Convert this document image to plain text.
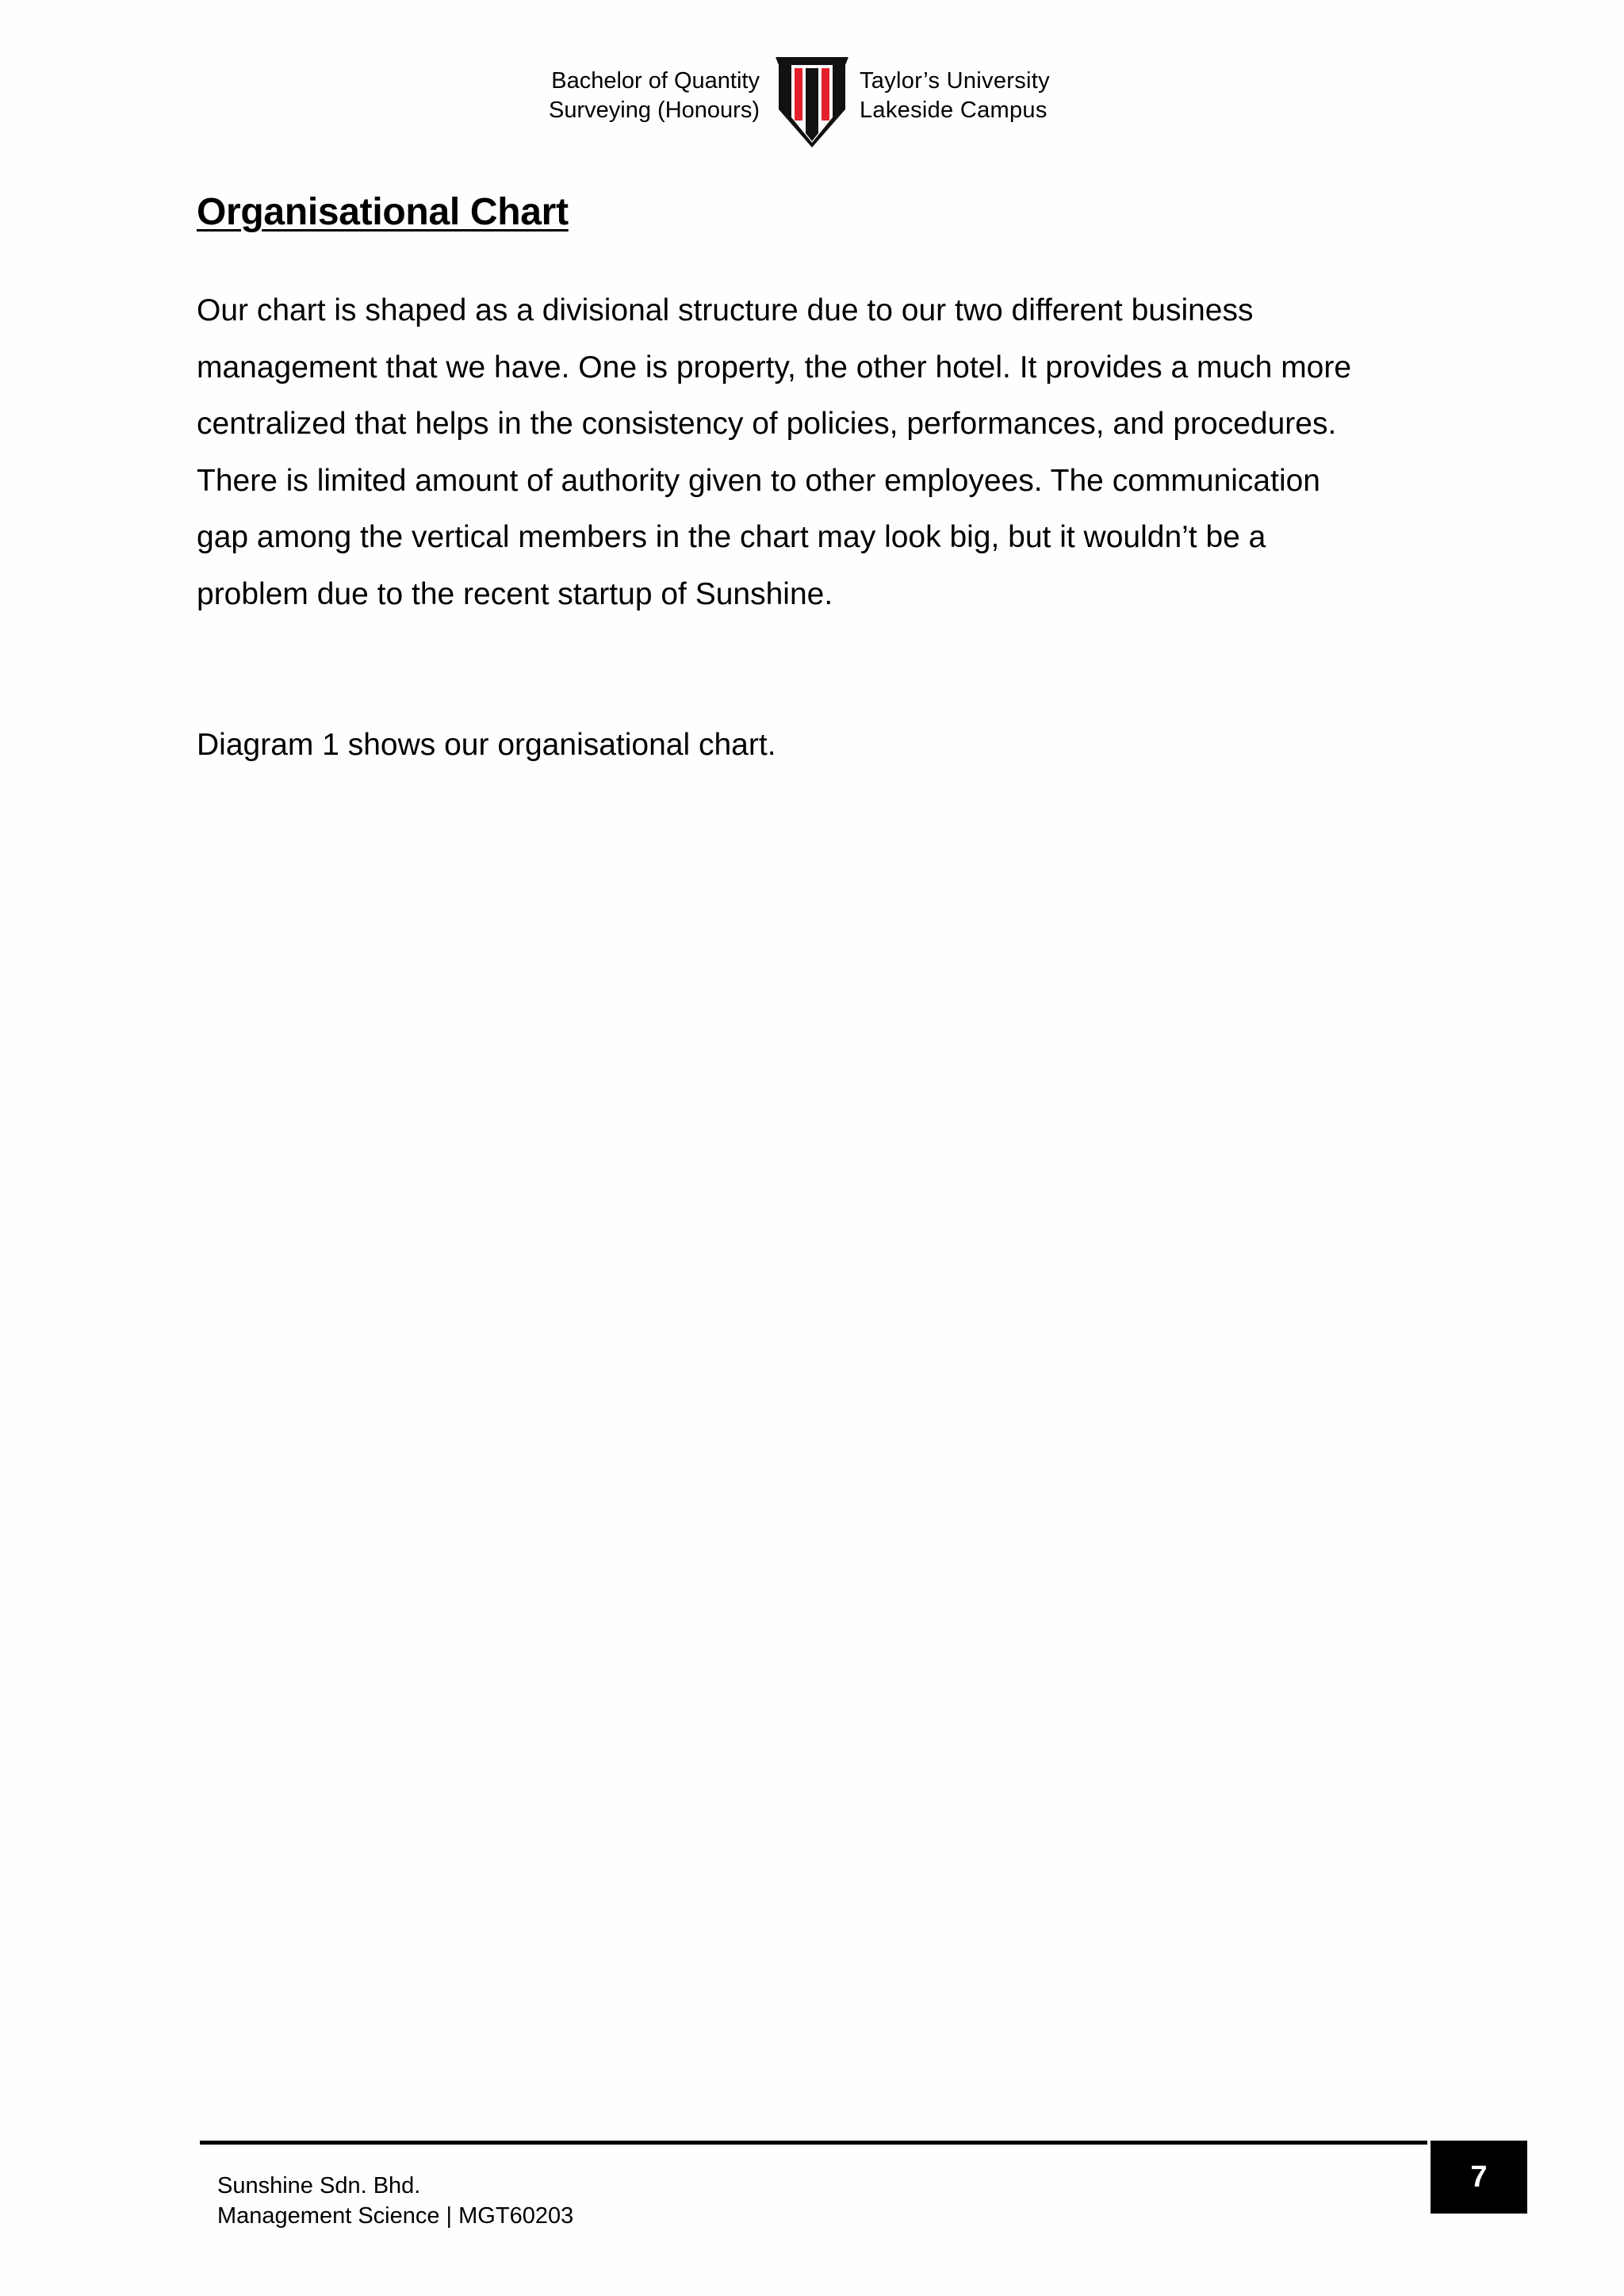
Bachelor of Quantity
Surveying (Honours)
Taylor’s University
Lakeside Campus
Organisational Chart
Our chart is shaped as a divisional structure due to our two different business
management that we have. One is property, the other hotel. It provides a much more
centralized that helps in the consistency of policies, performances, and procedures.
There is limited amount of authority given to other employees. The communication
gap among the vertical members in the chart may look big, but it wouldn’t be a
problem due to the recent startup of Sunshine.
Diagram 1 shows our organisational chart.
Sunshine Sdn. Bhd.
Management Science | MGT60203
7
